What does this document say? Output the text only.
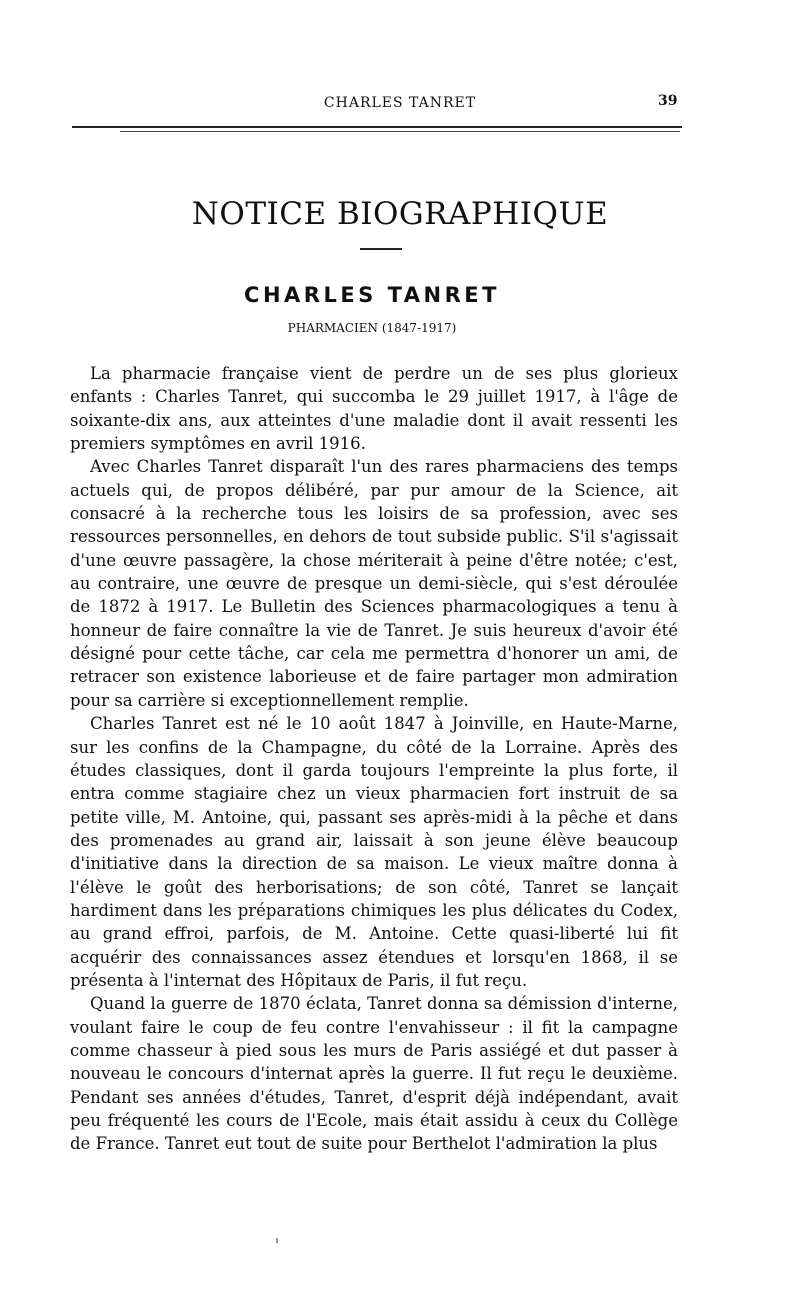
CHARLES TANRET	39
NOTICE BIOGRAPHIQUE
CHARLES TANRET
PHARMACIEN (1847-1917)

La pharmacie française vient de perdre un de ses plus glorieux enfants : Charles Tanret, qui succomba le 29 juillet 1917, à l'âge de soixante-dix ans, aux atteintes d'une maladie dont il avait ressenti les premiers symptômes en avril 1916.

Avec Charles Tanret disparaît l'un des rares pharmaciens des temps actuels qui, de propos délibéré, par pur amour de la Science, ait consacré à la recherche tous les loisirs de sa profession, avec ses ressources personnelles, en dehors de tout subside public. S'il s'agissait d'une œuvre passagère, la chose mériterait à peine d'être notée; c'est, au contraire, une œuvre de presque un demi-siècle, qui s'est déroulée de 1872 à 1917. Le Bulletin des Sciences pharmacologiques a tenu à honneur de faire connaître la vie de Tanret. Je suis heureux d'avoir été désigné pour cette tâche, car cela me permettra d'honorer un ami, de retracer son existence laborieuse et de faire partager mon admiration pour sa carrière si exceptionnellement remplie.

Charles Tanret est né le 10 août 1847 à Joinville, en Haute-Marne, sur les confins de la Champagne, du côté de la Lorraine. Après des études classiques, dont il garda toujours l'empreinte la plus forte, il entra comme stagiaire chez un vieux pharmacien fort instruit de sa petite ville, M. Antoine, qui, passant ses après-midi à la pêche et dans des promenades au grand air, laissait à son jeune élève beaucoup d'initiative dans la direction de sa maison. Le vieux maître donna à l'élève le goût des herborisations; de son côté, Tanret se lançait hardiment dans les préparations chimiques les plus délicates du Codex, au grand effroi, parfois, de M. Antoine. Cette quasi-liberté lui fit acquérir des connaissances assez étendues et lorsqu'en 1868, il se présenta à l'internat des Hôpitaux de Paris, il fut reçu.

Quand la guerre de 1870 éclata, Tanret donna sa démission d'interne, voulant faire le coup de feu contre l'envahisseur : il fit la campagne comme chasseur à pied sous les murs de Paris assiégé et dut passer à nouveau le concours d'internat après la guerre. Il fut reçu le deuxième. Pendant ses années d'études, Tanret, d'esprit déjà indépendant, avait peu fréquenté les cours de l'Ecole, mais était assidu à ceux du Collège de France. Tanret eut tout de suite pour Berthelot l'admiration la plus
